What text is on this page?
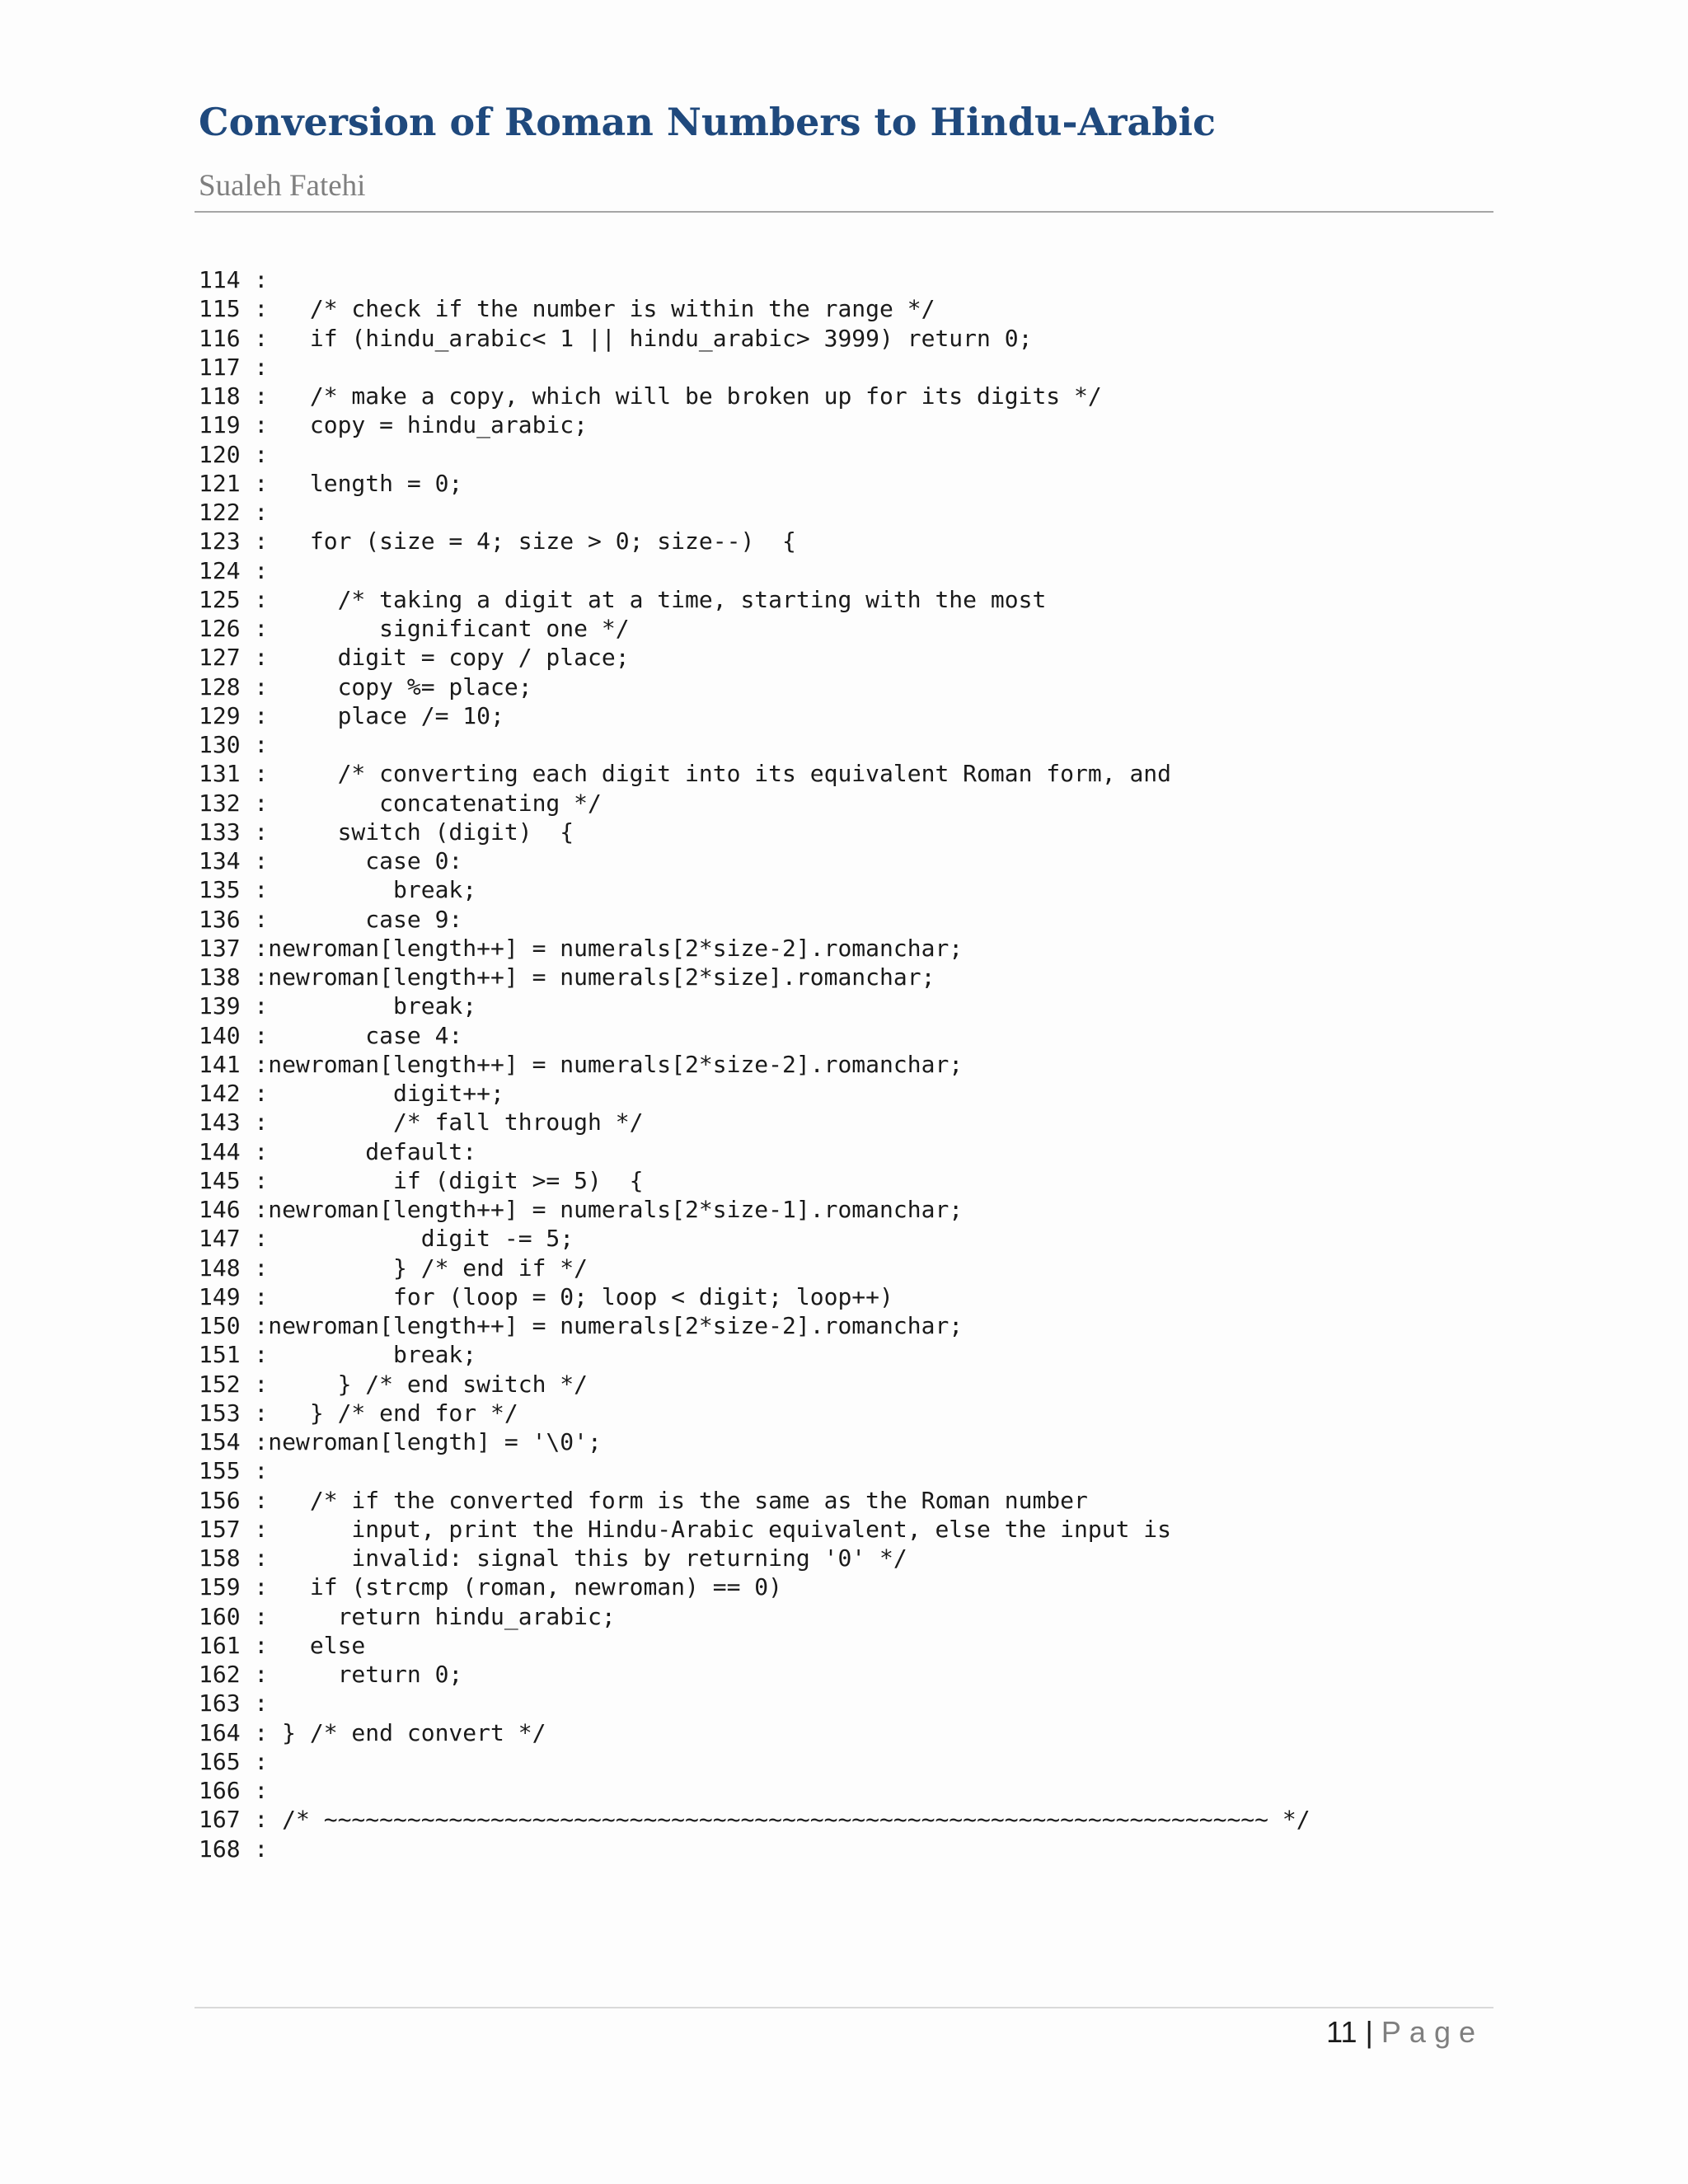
Conversion of Roman Numbers to Hindu-Arabic
Sualeh Fatehi
114 :
115 :   /* check if the number is within the range */
116 :   if (hindu_arabic< 1 || hindu_arabic> 3999) return 0;
117 :
118 :   /* make a copy, which will be broken up for its digits */
119 :   copy = hindu_arabic;
120 :
121 :   length = 0;
122 :
123 :   for (size = 4; size > 0; size--)  {
124 :
125 :     /* taking a digit at a time, starting with the most
126 :        significant one */
127 :     digit = copy / place;
128 :     copy %= place;
129 :     place /= 10;
130 :
131 :     /* converting each digit into its equivalent Roman form, and
132 :        concatenating */
133 :     switch (digit)  {
134 :       case 0:
135 :         break;
136 :       case 9:
137 :newroman[length++] = numerals[2*size-2].romanchar;
138 :newroman[length++] = numerals[2*size].romanchar;
139 :         break;
140 :       case 4:
141 :newroman[length++] = numerals[2*size-2].romanchar;
142 :         digit++;
143 :         /* fall through */
144 :       default:
145 :         if (digit >= 5)  {
146 :newroman[length++] = numerals[2*size-1].romanchar;
147 :           digit -= 5;
148 :         } /* end if */
149 :         for (loop = 0; loop < digit; loop++)
150 :newroman[length++] = numerals[2*size-2].romanchar;
151 :         break;
152 :     } /* end switch */
153 :   } /* end for */
154 :newroman[length] = '\0';
155 :
156 :   /* if the converted form is the same as the Roman number
157 :      input, print the Hindu-Arabic equivalent, else the input is
158 :      invalid: signal this by returning '0' */
159 :   if (strcmp (roman, newroman) == 0)
160 :     return hindu_arabic;
161 :   else
162 :     return 0;
163 :
164 : } /* end convert */
165 :
166 :
167 : /* ~~~~~~~~~~~~~~~~~~~~~~~~~~~~~~~~~~~~~~~~~~~~~~~~~~~~~~~~~~~~~~~~~~~~ */
168 :
11 | Page
